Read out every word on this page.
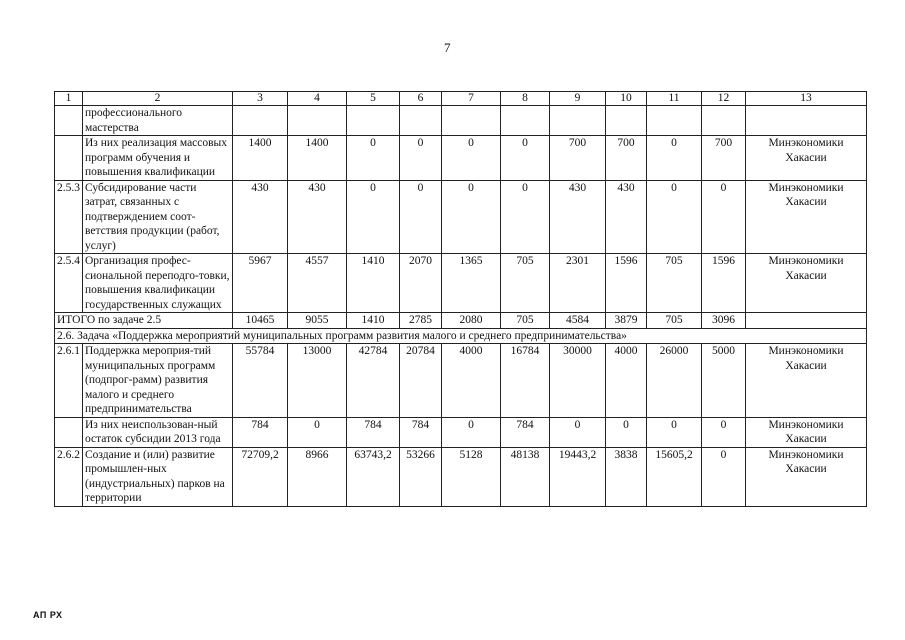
7
1	2	3	4	5	6	7	8	9	10	11	12	13
	профессионального мастерства											
	Из них реализация массовых программ обучения и повышения квалификации	1400	1400	0	0	0	0	700	700	0	700	Минэкономики Хакасии
2.5.3	Субсидирование части затрат, связанных с подтверждением соот-ветствия продукции (работ, услуг)	430	430	0	0	0	0	430	430	0	0	Минэкономики Хакасии
2.5.4	Организация профес-сиональной переподго-товки, повышения квалификации государственных служащих	5967	4557	1410	2070	1365	705	2301	1596	705	1596	Минэкономики Хакасии
ИТОГО по задаче 2.5		10465	9055	1410	2785	2080	705	4584	3879	705	3096	
2.6. Задача «Поддержка мероприятий муниципальных программ развития малого и среднего предпринимательства»												
2.6.1	Поддержка мероприя-тий муниципальных программ (подпрог-рамм) развития малого и среднего предпринимательства	55784	13000	42784	20784	4000	16784	30000	4000	26000	5000	Минэкономики Хакасии
	Из них неиспользован-ный остаток субсидии 2013 года	784	0	784	784	0	784	0	0	0	0	Минэкономики Хакасии
2.6.2	Создание и (или) развитие промышлен-ных (индустриальных) парков на территории	72709,2	8966	63743,2	53266	5128	48138	19443,2	3838	15605,2	0	Минэкономики Хакасии
АП РХ
